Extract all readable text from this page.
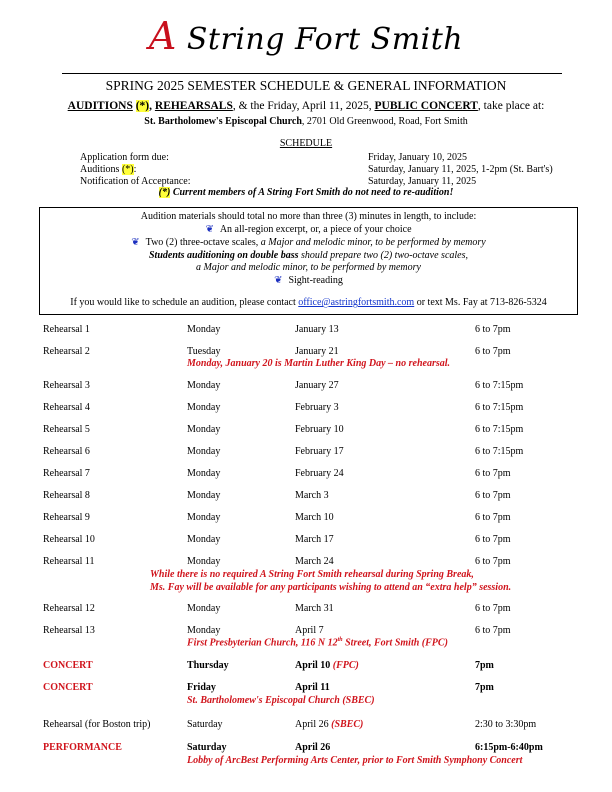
A String Fort Smith
SPRING 2025 SEMESTER SCHEDULE & GENERAL INFORMATION
AUDITIONS (*), REHEARSALS, & the Friday, April 11, 2025, PUBLIC CONCERT, take place at:
St. Bartholomew's Episcopal Church, 2701 Old Greenwood, Road, Fort Smith
SCHEDULE
Application form due:	Friday, January 10, 2025
Auditions (*):	Saturday, January 11, 2025, 1-2pm (St. Bart's)
Notification of Acceptance:	Saturday, January 11, 2025
(*) Current members of A String Fort Smith do not need to re-audition!
Audition materials should total no more than three (3) minutes in length, to include:
❦ An all-region excerpt, or, a piece of your choice
❦ Two (2) three-octave scales, a Major and melodic minor, to be performed by memory
Students auditioning on double bass should prepare two (2) two-octave scales,
a Major and melodic minor, to be performed by memory
❦ Sight-reading
If you would like to schedule an audition, please contact office@astringfortsmith.com or text Ms. Fay at 713-826-5324
Rehearsal 1	Monday	January 13	6 to 7pm
Rehearsal 2	Tuesday	January 21	6 to 7pm
Monday, January 20 is Martin Luther King Day – no rehearsal.
Rehearsal 3	Monday	January 27	6 to 7:15pm
Rehearsal 4	Monday	February 3	6 to 7:15pm
Rehearsal 5	Monday	February 10	6 to 7:15pm
Rehearsal 6	Monday	February 17	6 to 7:15pm
Rehearsal 7	Monday	February 24	6 to 7pm
Rehearsal 8	Monday	March 3	6 to 7pm
Rehearsal 9	Monday	March 10	6 to 7pm
Rehearsal 10	Monday	March 17	6 to 7pm
Rehearsal 11	Monday	March 24	6 to 7pm
While there is no required A String Fort Smith rehearsal during Spring Break,
Ms. Fay will be available for any participants wishing to attend an “extra help” session.
Rehearsal 12	Monday	March 31	6 to 7pm
Rehearsal 13	Monday	April 7	6 to 7pm
First Presbyterian Church, 116 N 12th Street, Fort Smith (FPC)
CONCERT	Thursday	April 10 (FPC)	7pm
CONCERT	Friday	April 11	7pm
St. Bartholomew's Episcopal Church (SBEC)
Rehearsal (for Boston trip)	Saturday	April 26 (SBEC)	2:30 to 3:30pm
PERFORMANCE	Saturday	April 26	6:15pm-6:40pm
Lobby of ArcBest Performing Arts Center, prior to Fort Smith Symphony Concert
